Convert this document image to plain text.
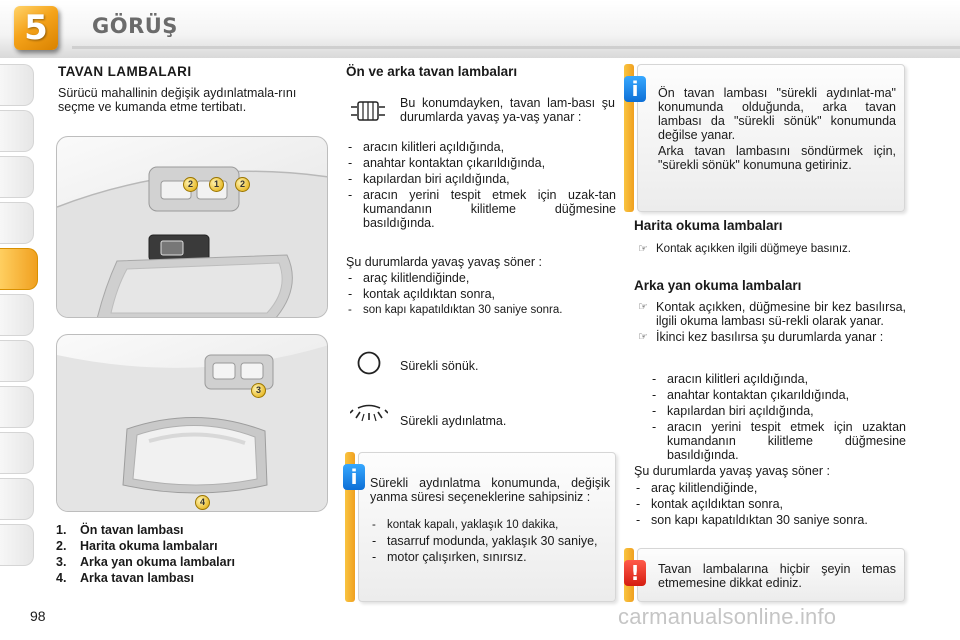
5	GÖRÜŞ
TAVAN LAMBALARI
Sürücü mahallinin değişik aydınlatmala-rını seçme ve kumanda etme tertibatı.
2	1	2
3
4
1.	Ön tavan lambası
2.	Harita okuma lambaları
3.	Arka yan okuma lambaları
4.	Arka tavan lambası
98
Ön ve arka tavan lambaları
Bu konumdayken, tavan lam-bası şu durumlarda yavaş ya-vaş yanar :
- aracın kilitleri açıldığında,
- anahtar kontaktan çıkarıldığında,
- kapılardan biri açıldığında,
- aracın yerini tespit etmek için uzak-tan kumandanın kilitleme düğmesine basıldığında.
Şu durumlarda yavaş yavaş söner :
- araç kilitlendiğinde,
- kontak açıldıktan sonra,
- son kapı kapatıldıktan 30 saniye sonra.
Sürekli sönük.
Sürekli aydınlatma.
i	Sürekli aydınlatma konumunda, değişik yanma süresi seçeneklerine sahipsiniz :
- kontak kapalı, yaklaşık 10 dakika,
- tasarruf modunda, yaklaşık 30 saniye,
- motor çalışırken, sınırsız.
i	Ön tavan lambası "sürekli aydınlat-ma" konumunda olduğunda, arka tavan lambası da "sürekli sönük" konumunda değilse yanar.
Arka tavan lambasını söndürmek için, "sürekli sönük" konumuna getiriniz.
Harita okuma lambaları
☞ Kontak açıkken ilgili düğmeye basınız.
Arka yan okuma lambaları
☞ Kontak açıkken, düğmesine bir kez basılırsa, ilgili okuma lambası sü-rekli olarak yanar.
☞ İkinci kez basılırsa şu durumlarda yanar :
- aracın kilitleri açıldığında,
- anahtar kontaktan çıkarıldığında,
- kapılardan biri açıldığında,
- aracın yerini tespit etmek için uzaktan kumandanın kilitleme düğmesine basıldığında.
Şu durumlarda yavaş yavaş söner :
- araç kilitlendiğinde,
- kontak açıldıktan sonra,
- son kapı kapatıldıktan 30 saniye sonra.
!	Tavan lambalarına hiçbir şeyin temas etmemesine dikkat ediniz.
carmanualsonline.info
